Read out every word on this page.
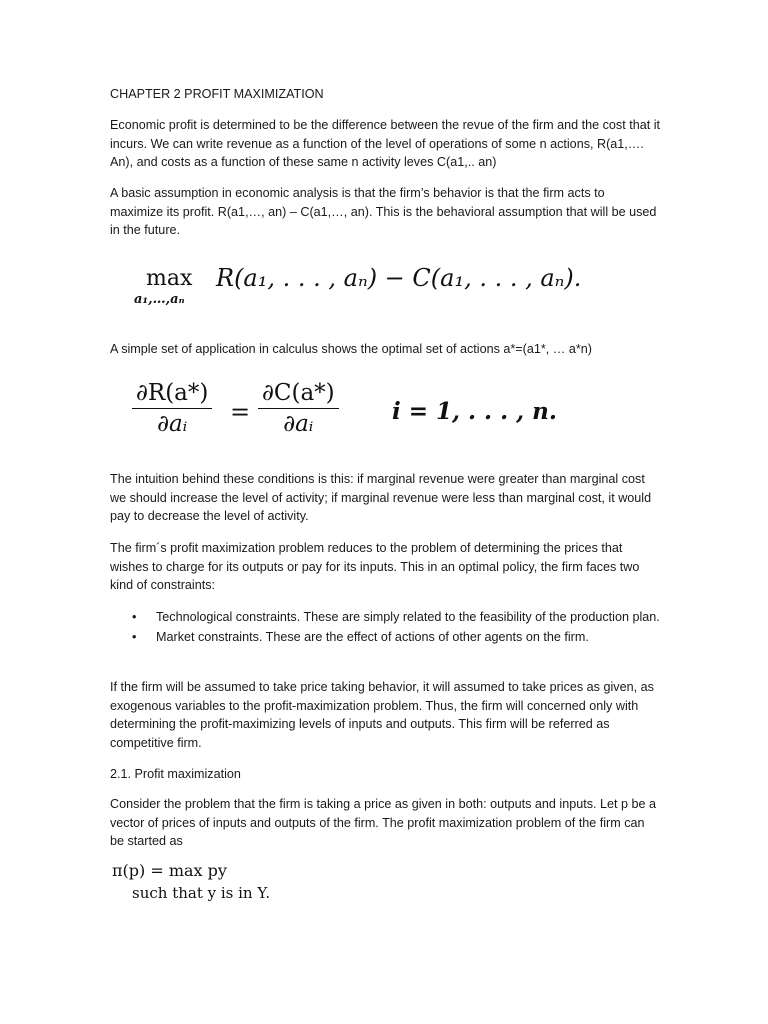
CHAPTER 2 PROFIT MAXIMIZATION

Economic profit is determined to be the difference between the revue of the firm and the cost that it incurs. We can write revenue as a function of the level of operations of some n actions, R(a1,…. An), and costs as a function of these same n activity leves C(a1,.. an)

A basic assumption in economic analysis is that the firm’s behavior is that the firm acts to maximize its profit. R(a1,…, an) – C(a1,…, an). This is the behavioral assumption that will be used in the future.

max
a₁,…,aₙ
R(a₁, . . . , aₙ) − C(a₁, . . . , aₙ).

A simple set of application in calculus shows the optimal set of actions a*=(a1*, … a*n)

$\frac{\partial R(a*)}{\text{∂aᵢ}} = \frac{\partial C(a*)}{\text{∂aᵢ}}$ i = 1, . . . , n.

The intuition behind these conditions is this: if marginal revenue were greater than marginal cost we should increase the level of activity; if marginal revenue were less than marginal cost, it would pay to decrease the level of activity.

The firm´s profit maximization problem reduces to the problem of determining the prices that wishes to charge for its outputs or pay for its inputs. This in an optimal policy, the firm faces two kind of constraints:

• Technological constraints. These are simply related to the feasibility of the production plan.
• Market constraints. These are the effect of actions of other agents on the firm.

If the firm will be assumed to take price taking behavior, it will assumed to take prices as given, as exogenous variables to the profit-maximization problem. Thus, the firm will concerned only with determining the profit-maximizing levels of inputs and outputs. This firm will be referred as competitive firm.

2.1. Profit maximization

Consider the problem that the firm is taking a price as given in both: outputs and inputs. Let p be a vector of prices of inputs and outputs of the firm. The profit maximization problem of the firm can be started as

π(p) = max py
such that y is in Y.
